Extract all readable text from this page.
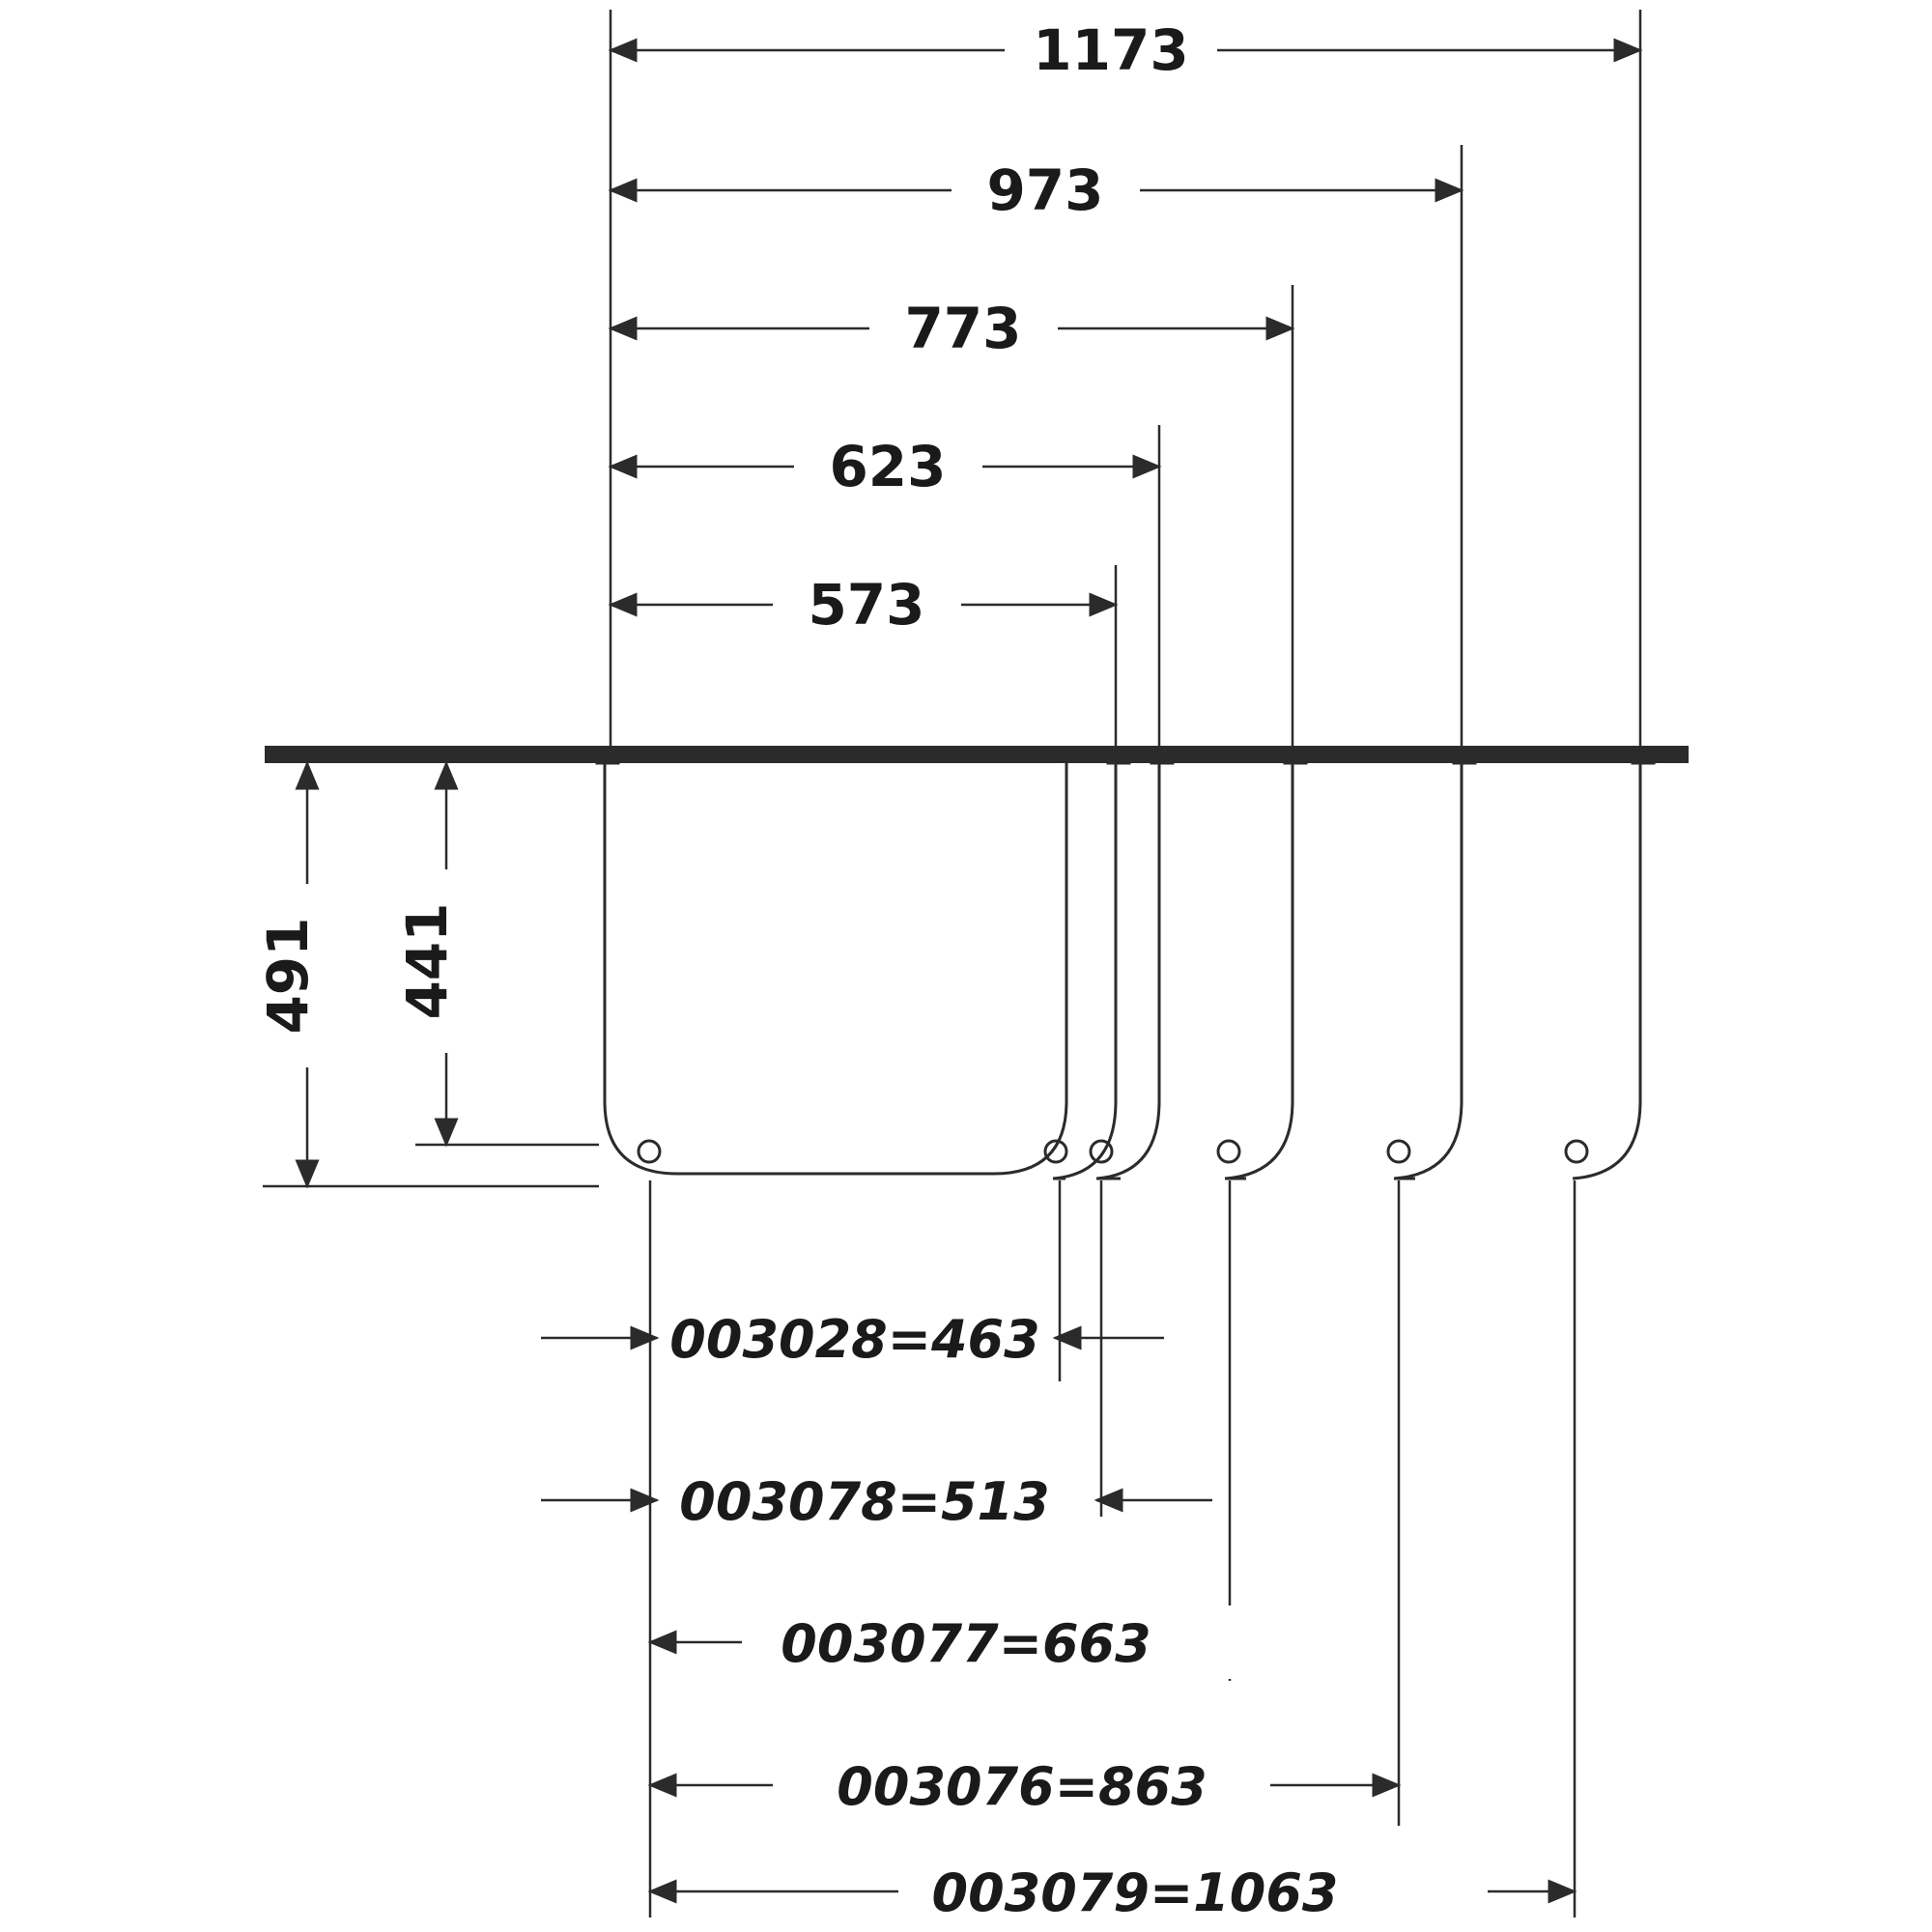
1173
973
773
623
573
491 441
003028=463
003078=513
003077=663
003076=863
003079=1063
